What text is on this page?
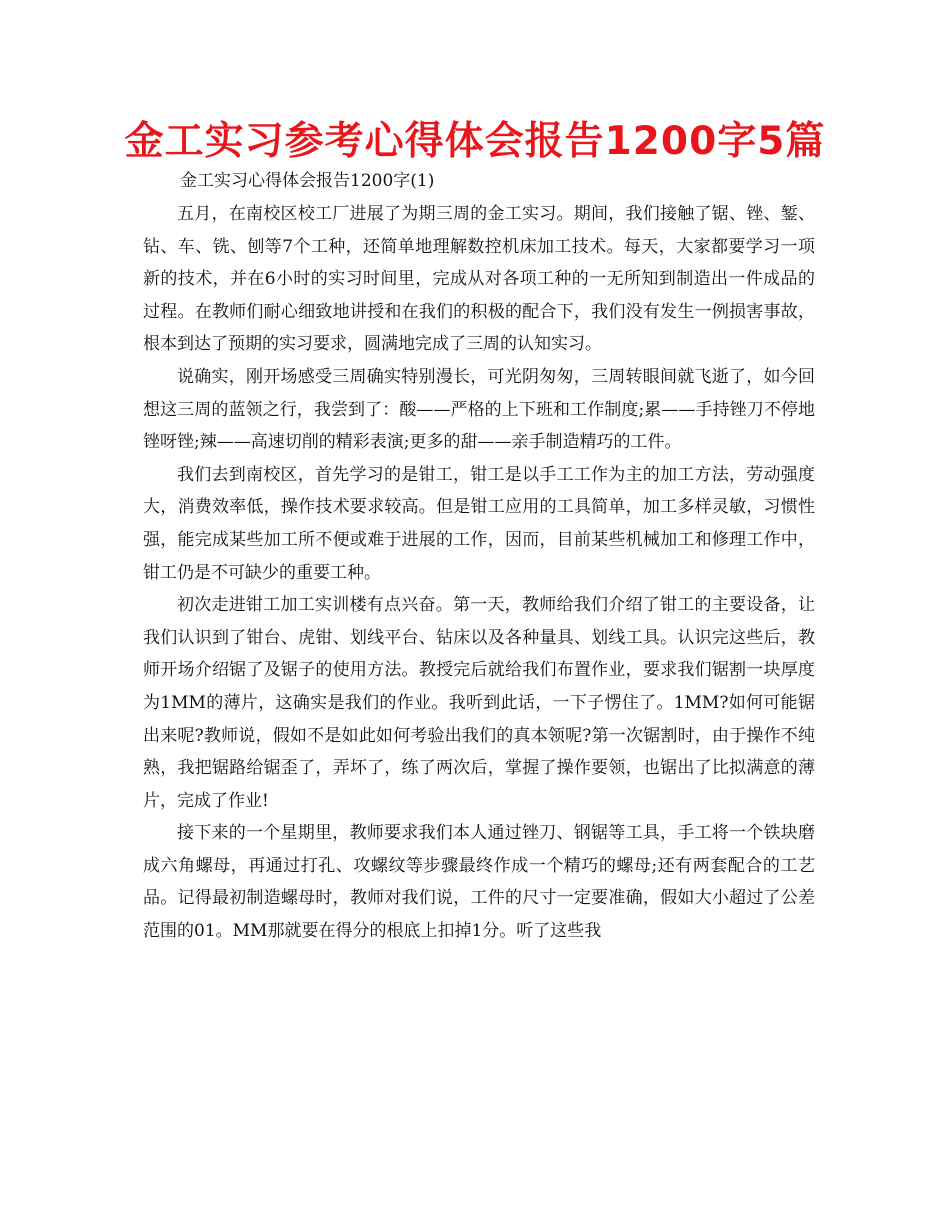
金工实习参考心得体会报告1200字5篇
金工实习心得体会报告1200字(1)

五月，在南校区校工厂进展了为期三周的金工实习。期间，我们接触了锯、锉、錾、钻、车、铣、刨等7个工种，还简单地理解数控机床加工技术。每天，大家都要学习一项新的技术，并在6小时的实习时间里，完成从对各项工种的一无所知到制造出一件成品的过程。在教师们耐心细致地讲授和在我们的积极的配合下，我们没有发生一例损害事故，根本到达了预期的实习要求，圆满地完成了三周的认知实习。

说确实，刚开场感受三周确实特别漫长，可光阴匆匆，三周转眼间就飞逝了，如今回想这三周的蓝领之行，我尝到了：酸——严格的上下班和工作制度;累——手持锉刀不停地锉呀锉;辣——高速切削的精彩表演;更多的甜——亲手制造精巧的工件。

我们去到南校区，首先学习的是钳工，钳工是以手工工作为主的加工方法，劳动强度大，消费效率低，操作技术要求较高。但是钳工应用的工具简单，加工多样灵敏，习惯性强，能完成某些加工所不便或难于进展的工作，因而，目前某些机械加工和修理工作中，钳工仍是不可缺少的重要工种。

初次走进钳工加工实训楼有点兴奋。第一天，教师给我们介绍了钳工的主要设备，让我们认识到了钳台、虎钳、划线平台、钻床以及各种量具、划线工具。认识完这些后，教师开场介绍锯了及锯子的使用方法。教授完后就给我们布置作业，要求我们锯割一块厚度为1MM的薄片，这确实是我们的作业。我听到此话，一下子愣住了。1MM?如何可能锯出来呢?教师说，假如不是如此如何考验出我们的真本领呢?第一次锯割时，由于操作不纯熟，我把锯路给锯歪了，弄坏了，练了两次后，掌握了操作要领，也锯出了比拟满意的薄片，完成了作业!

接下来的一个星期里，教师要求我们本人通过锉刀、钢锯等工具，手工将一个铁块磨成六角螺母，再通过打孔、攻螺纹等步骤最终作成一个精巧的螺母;还有两套配合的工艺品。记得最初制造螺母时，教师对我们说，工件的尺寸一定要准确，假如大小超过了公差范围的01。MM那就要在得分的根底上扣掉1分。听了这些我
